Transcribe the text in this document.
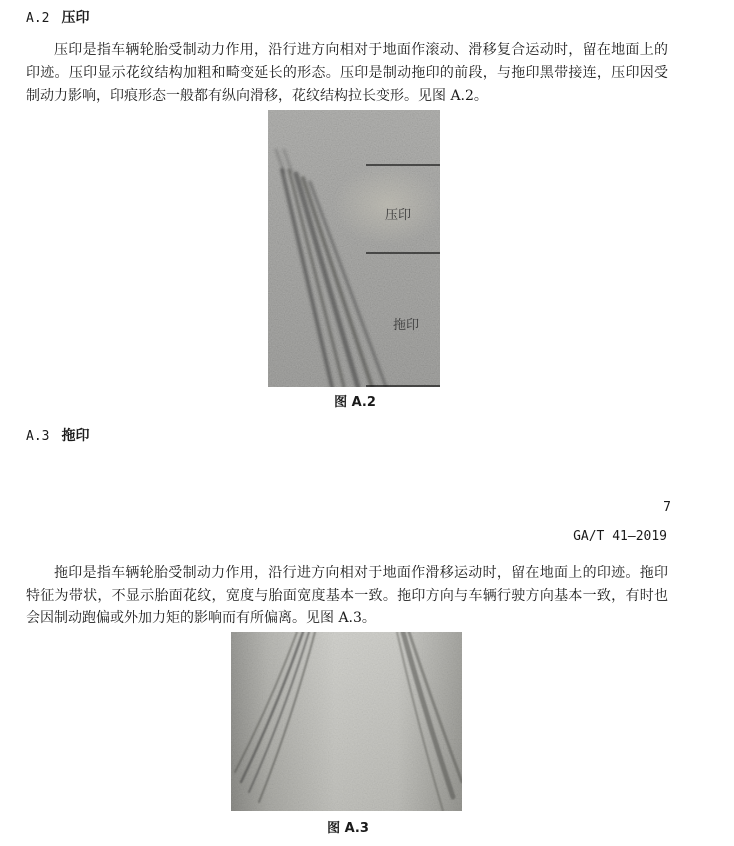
A.2 压印
压印是指车辆轮胎受制动力作用，沿行进方向相对于地面作滚动、滑移复合运动时，留在地面上的
印迹。压印显示花纹结构加粗和畸变延长的形态。压印是制动拖印的前段，与拖印黑带接连，压印因受
制动力影响，印痕形态一般都有纵向滑移，花纹结构拉长变形。见图 A.2。
压印
拖印
图 A.2
A.3 拖印
7
GA/T 41—2019
拖印是指车辆轮胎受制动力作用，沿行进方向相对于地面作滑移运动时，留在地面上的印迹。拖印
特征为带状，不显示胎面花纹，宽度与胎面宽度基本一致。拖印方向与车辆行驶方向基本一致，有时也
会因制动跑偏或外加力矩的影响而有所偏离。见图 A.3。
图 A.3
